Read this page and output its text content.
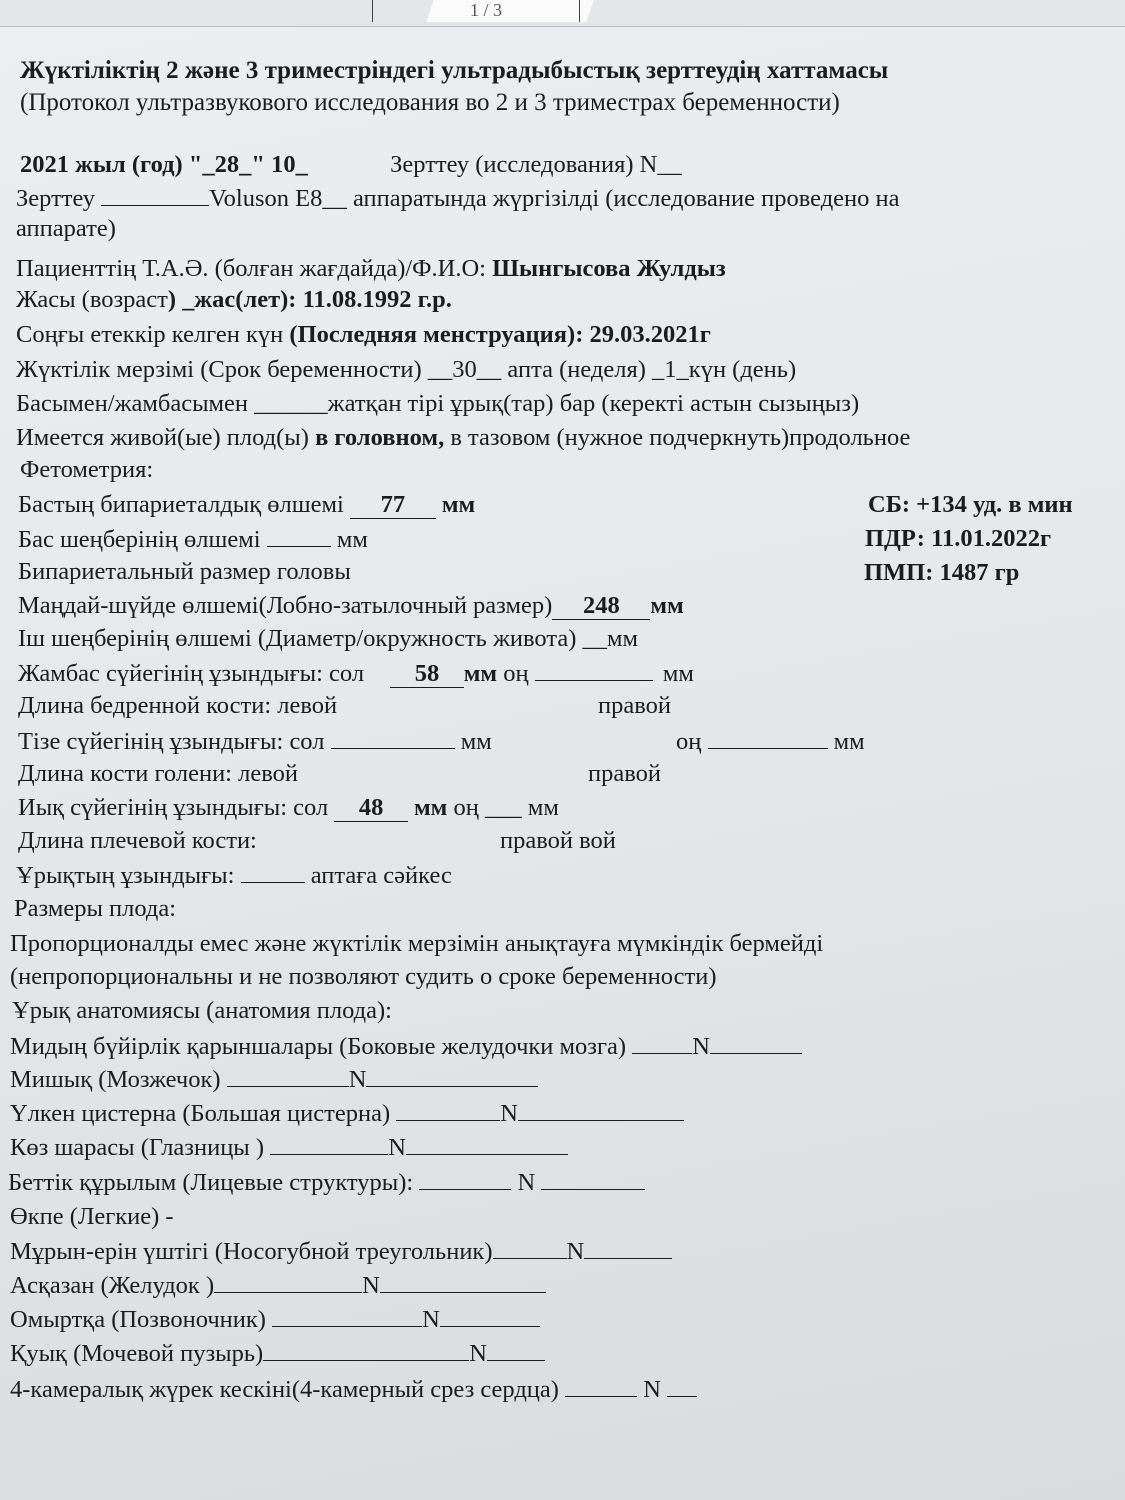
1 / 3
Жүктіліктің 2 және 3 триместріндегі ультрадыбыстық зерттеудің хаттамасы
(Протокол ультразвукового исследования во 2 и 3 триместрах беременности)
2021 жыл (год) "_28_" 10_	Зерттеу (исследования) N__
Зерттеу	Voluson E8__ аппаратында жүргізілді (исследование проведено на
аппарате)
Пациенттің Т.А.Ә. (болған жағдайда)/Ф.И.О: Шынгысова Жулдыз
Жасы (возраст) _жас(лет): 11.08.1992 г.р.
Соңғы етеккір келген күн (Последняя менструация): 29.03.2021г
Жүктілік мерзімі (Срок беременности) __30__ апта (неделя) _1_күн (день)
Басымен/жамбасымен ______жатқан тірі ұрық(тар) бар (керекті астын сызыңыз)
Имеется живой(ые) плод(ы) в головном, в тазовом (нужное подчеркнуть)продольное
Фетометрия:
Бастың бипариеталдық өлшемі      77 мм
Бас шеңберінің өлшемі	мм
Бипариетальный размер головы
Маңдай-шүйде өлшемі(Лобно-затылочный размер) 248 мм
Іш шеңберінің өлшемі (Диаметр/окружность живота) __мм
Жамбас сүйегінің ұзындығы: сол     58 мм оң	мм
Длина бедренной кости: левой	правой
Тізе сүйегінің ұзындығы: сол	мм	оң	мм
Длина кости голени: левой	правой
Иық сүйегінің ұзындығы: сол     48 мм оң ___ мм
Длина плечевой кости:	правой вой
Ұрықтың ұзындығы:	аптаға сәйкес
Размеры плода:
Пропорционалды емес және жүктілік мерзімін анықтауға мүмкіндік бермейді
(непропорциональны и не позволяют судить о сроке беременности)
Ұрық анатомиясы (анатомия плода):
Мидың бүйірлік қарыншалары (Боковые желудочки мозга) N
Мишық (Мозжечок)	N
Үлкен цистерна (Большая цистерна)	N
Көз шарасы (Глазницы )	N
Беттік құрылым (Лицевые структуры):	N
Өкпе (Легкие) -
Мұрын-ерін үштігі (Носогубной треугольник)	N
Асқазан (Желудок )	N
Омыртқа (Позвоночник)	N
Қуық (Мочевой пузырь)	N
4-камералық жүрек кескіні(4-камерный срез сердца)	N
СБ: +134 уд. в мин
ПДР: 11.01.2022г
ПМП: 1487 гр
